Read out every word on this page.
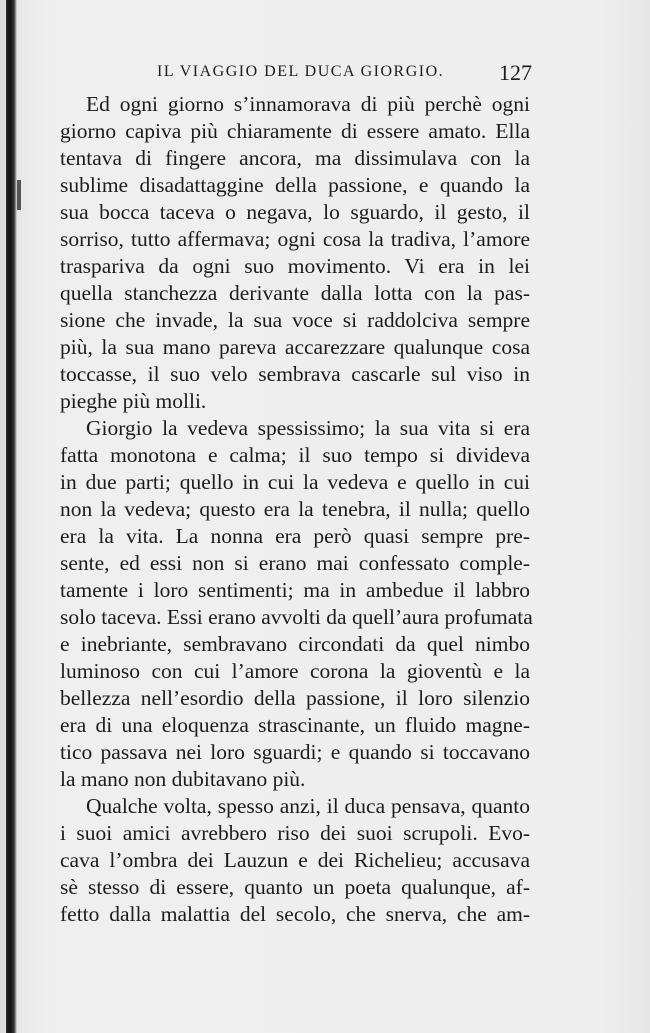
IL VIAGGIO DEL DUCA GIORGIO. 127
Ed ogni giorno s’innamorava di più perchè ogni
giorno capiva più chiaramente di essere amato. Ella
tentava di fingere ancora, ma dissimulava con la
sublime disadattaggine della passione, e quando la
sua bocca taceva o negava, lo sguardo, il gesto, il
sorriso, tutto affermava; ogni cosa la tradiva, l’amore
traspariva da ogni suo movimento. Vi era in lei
quella stanchezza derivante dalla lotta con la pas-
sione che invade, la sua voce si raddolciva sempre
più, la sua mano pareva accarezzare qualunque cosa
toccasse, il suo velo sembrava cascarle sul viso in
pieghe più molli.
Giorgio la vedeva spessissimo; la sua vita si era
fatta monotona e calma; il suo tempo si divideva
in due parti; quello in cui la vedeva e quello in cui
non la vedeva; questo era la tenebra, il nulla; quello
era la vita. La nonna era però quasi sempre pre-
sente, ed essi non si erano mai confessato comple-
tamente i loro sentimenti; ma in ambedue il labbro
solo taceva. Essi erano avvolti da quell’aura profumata
e inebriante, sembravano circondati da quel nimbo
luminoso con cui l’amore corona la gioventù e la
bellezza nell’esordio della passione, il loro silenzio
era di una eloquenza strascinante, un fluido magne-
tico passava nei loro sguardi; e quando si toccavano
la mano non dubitavano più.
Qualche volta, spesso anzi, il duca pensava, quanto
i suoi amici avrebbero riso dei suoi scrupoli. Evo-
cava l’ombra dei Lauzun e dei Richelieu; accusava
sè stesso di essere, quanto un poeta qualunque, af-
fetto dalla malattia del secolo, che snerva, che am-
